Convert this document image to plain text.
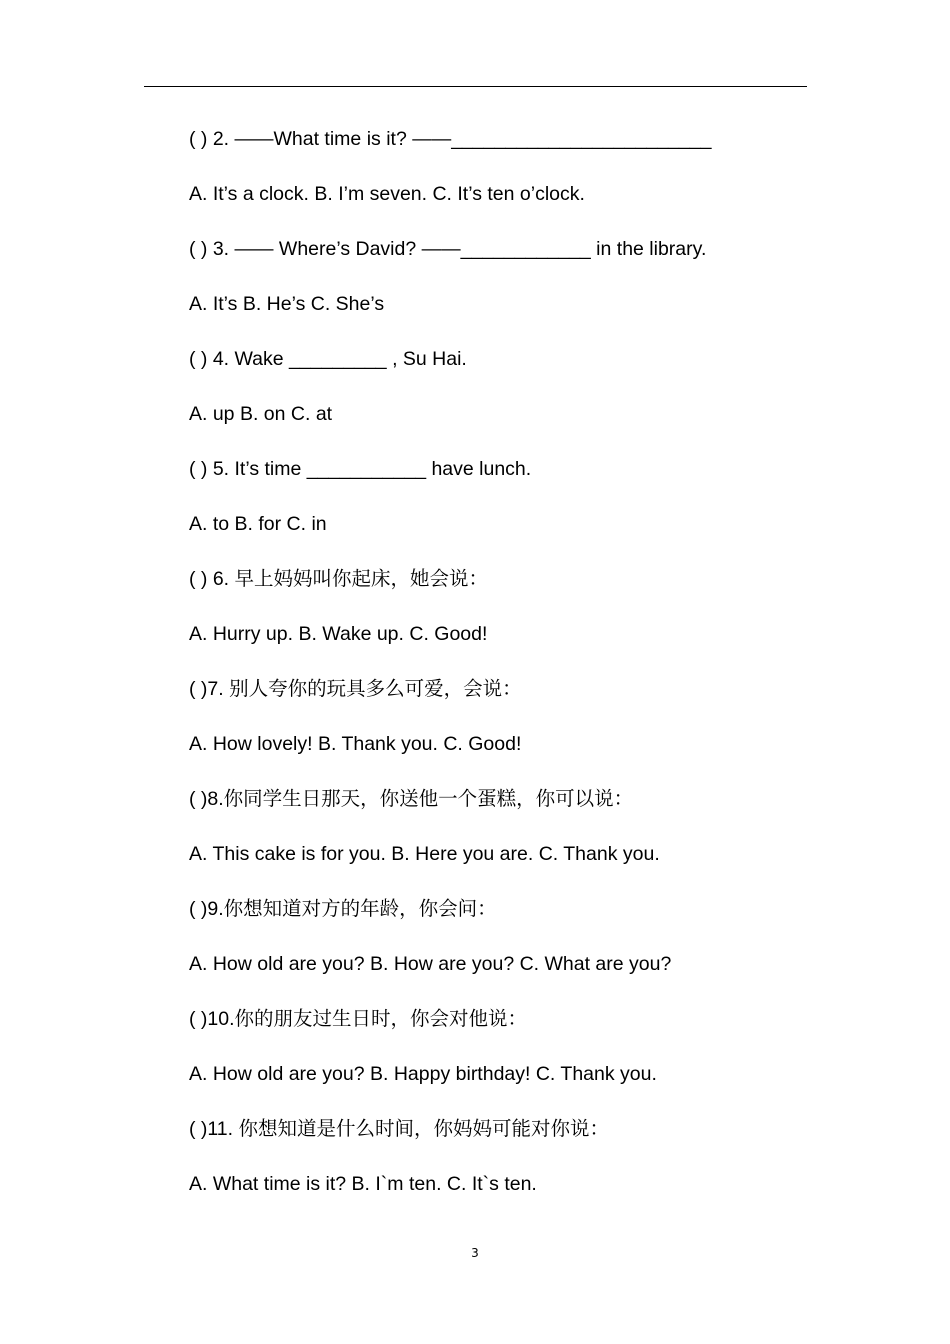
( ) 2. ——What time is it? ——________________________
A. It’s a clock. B. I’m seven. C. It’s ten o’clock.
( ) 3. —— Where’s David? ——____________ in the library.
A. It’s B. He’s C. She’s
( ) 4. Wake _________ , Su Hai.
A. up B. on C. at
( ) 5. It’s time ___________ have lunch.
A. to B. for C. in
( ) 6. 早上妈妈叫你起床，她会说：
A. Hurry up. B. Wake up. C. Good!
( )7. 别人夸你的玩具多么可爱，会说：
A. How lovely! B. Thank you. C. Good!
( )8.你同学生日那天，你送他一个蛋糕，你可以说：
A. This cake is for you. B. Here you are. C. Thank you.
( )9.你想知道对方的年龄，你会问：
A. How old are you? B. How are you? C. What are you?
( )10.你的朋友过生日时，你会对他说：
A. How old are you? B. Happy birthday! C. Thank you.
( )11. 你想知道是什么时间，你妈妈可能对你说：
A. What time is it? B. I`m ten. C. It`s ten.
3
